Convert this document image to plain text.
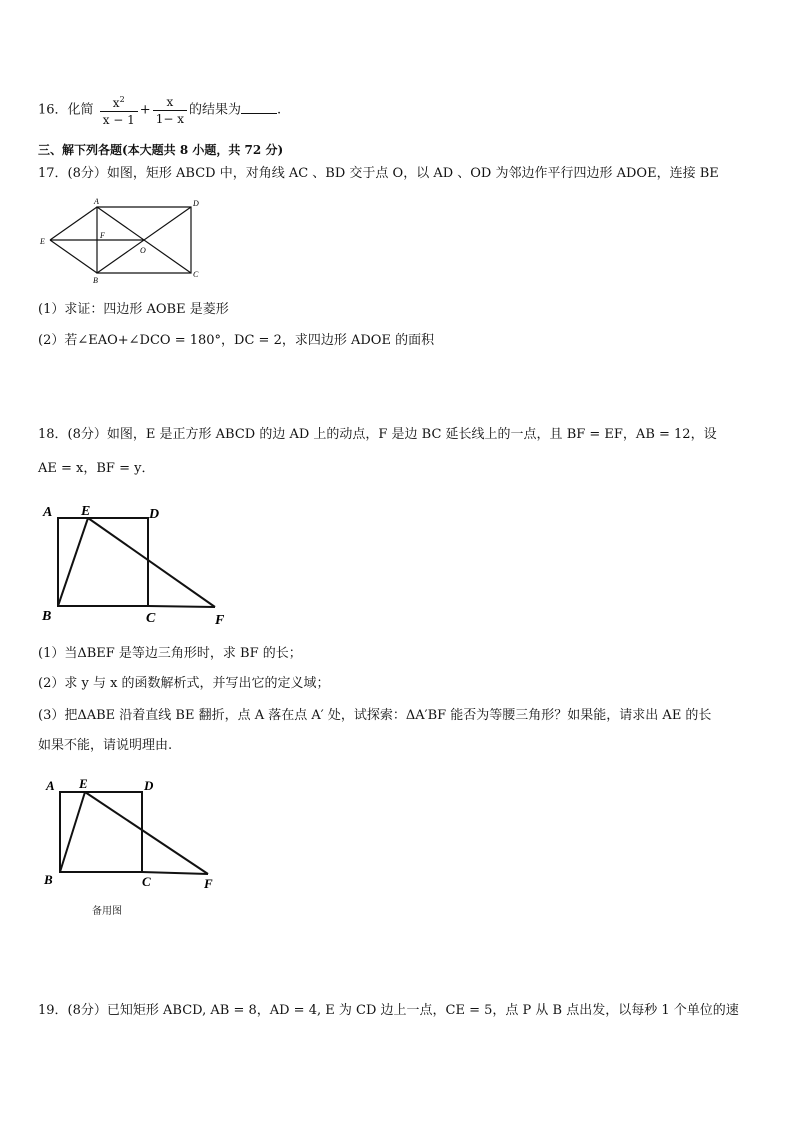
16．化简 $\frac{x^2}{x - 1} + \frac{x}{1- x}$ 的结果为	.
三、解下列各题(本大题共 8 小题，共 72 分)
17．(8分）如图，矩形 ABCD 中，对角线 AC 、BD 交于点 O，以 AD 、OD 为邻边作平行四边形 ADOE，连接 BE
A	D
E
F
O
B
C
(1）求证：四边形 AOBE 是菱形
(2）若∠EAO+∠DCO = 180°，DC = 2，求四边形 ADOE 的面积
18．(8分）如图，E 是正方形 ABCD 的边 AD 上的动点，F 是边 BC 延长线上的一点，且 BF = EF，AB = 12，设
AE = x，BF = y．
A E	D
B	C	F
(1）当ΔBEF 是等边三角形时，求 BF 的长；
(2）求 y 与 x 的函数解析式，并写出它的定义域；
(3）把ΔABE 沿着直线 BE 翻折，点 A 落在点 A′ 处，试探索：ΔA′BF 能否为等腰三角形？如果能，请求出 AE 的长
如果不能，请说明理由.
A E	D
B	C	F
备用图
19．(8分）已知矩形 ABCD, AB = 8，AD = 4, E 为 CD 边上一点，CE = 5，点 P 从 B 点出发，以每秒 1 个单位的速
